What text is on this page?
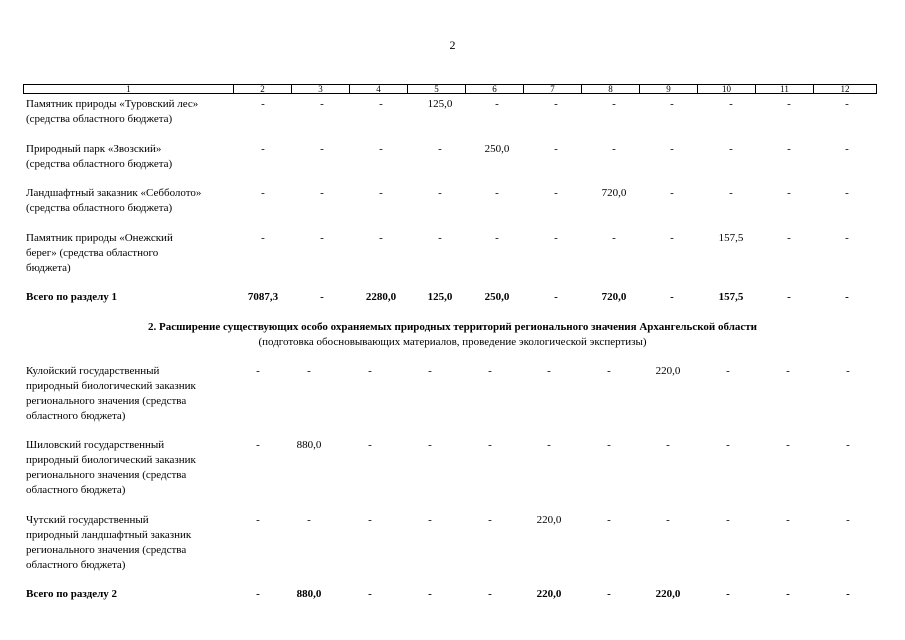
2
1	2	3	4	5	6	7	8	9	10	11	12
Памятник природы «Туровский лес»
(средства областного бюджета)
-	-	-	125,0	-	-	-	-	-	-	-
Природный парк «Звозский»
(средства областного бюджета)
-	-	-	-	250,0	-	-	-	-	-	-
Ландшафтный заказник «Себболото»
(средства областного бюджета)
-	-	-	-	-	-	720,0	-	-	-	-
Памятник природы «Онежский
берег» (средства областного
бюджета)
-	-	-	-	-	-	-	-	157,5	-	-
Всего по разделу 1	7087,3	-	2280,0	125,0	250,0	-	720,0	-	157,5	-	-
Кулойский государственный
природный биологический заказник
регионального значения (средства
областного бюджета)
-	-	-	-	-	-	-	220,0	-	-	-
Шиловский государственный
природный биологический заказник
регионального значения (средства
областного бюджета)
-	880,0	-	-	-	-	-	-	-	-	-
Чутский государственный
природный ландшафтный заказник
регионального значения (средства
областного бюджета)
-	-	-	-	-	220,0	-	-	-	-	-
Всего по разделу 2	-	880,0	-	-	-	220,0	-	220,0	-	-	-
2. Расширение существующих особо охраняемых природных территорий регионального значения Архангельской области
(подготовка обосновывающих материалов, проведение экологической экспертизы)
